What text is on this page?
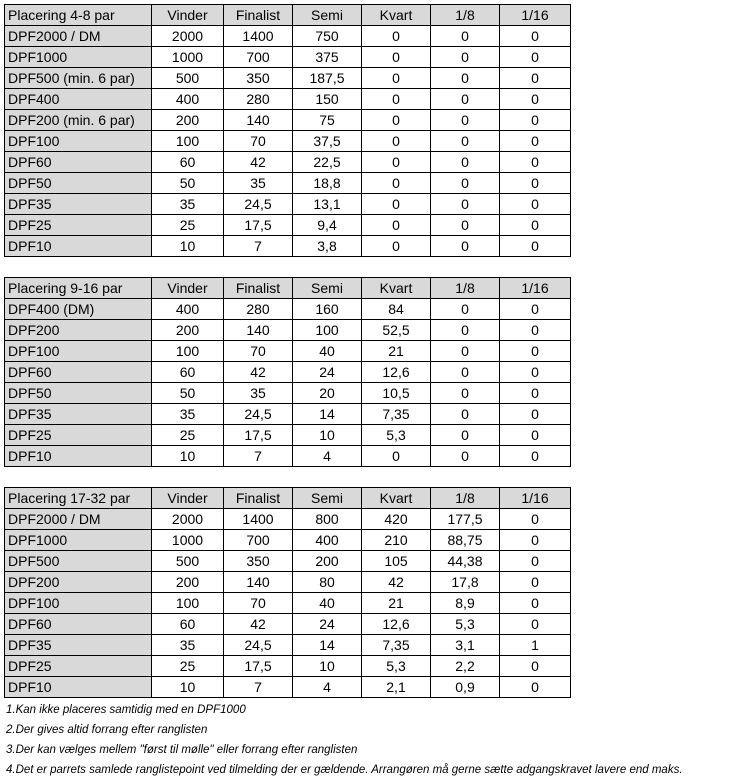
Placering 4-8 par	Vinder	Finalist	Semi	Kvart	1/8	1/16
DPF2000 / DM	2000	1400	750	0	0	0
DPF1000	1000	700	375	0	0	0
DPF500 (min. 6 par)	500	350	187,5	0	0	0
DPF400	400	280	150	0	0	0
DPF200 (min. 6 par)	200	140	75	0	0	0
DPF100	100	70	37,5	0	0	0
DPF60	60	42	22,5	0	0	0
DPF50	50	35	18,8	0	0	0
DPF35	35	24,5	13,1	0	0	0
DPF25	25	17,5	9,4	0	0	0
DPF10	10	7	3,8	0	0	0
Placering 9-16 par	Vinder	Finalist	Semi	Kvart	1/8	1/16
DPF400 (DM)	400	280	160	84	0	0
DPF200	200	140	100	52,5	0	0
DPF100	100	70	40	21	0	0
DPF60	60	42	24	12,6	0	0
DPF50	50	35	20	10,5	0	0
DPF35	35	24,5	14	7,35	0	0
DPF25	25	17,5	10	5,3	0	0
DPF10	10	7	4	0	0	0
Placering 17-32 par	Vinder	Finalist	Semi	Kvart	1/8	1/16
DPF2000 / DM	2000	1400	800	420	177,5	0
DPF1000	1000	700	400	210	88,75	0
DPF500	500	350	200	105	44,38	0
DPF200	200	140	80	42	17,8	0
DPF100	100	70	40	21	8,9	0
DPF60	60	42	24	12,6	5,3	0
DPF35	35	24,5	14	7,35	3,1	1
DPF25	25	17,5	10	5,3	2,2	0
DPF10	10	7	4	2,1	0,9	0

1.Kan ikke placeres samtidig med en DPF1000

2.Der gives altid forrang efter ranglisten

3.Der kan vælges mellem "først til mølle" eller forrang efter ranglisten

4.Det er parrets samlede ranglistepoint ved tilmelding der er gældende. Arrangøren må gerne sætte adgangskravet lavere end maks.
